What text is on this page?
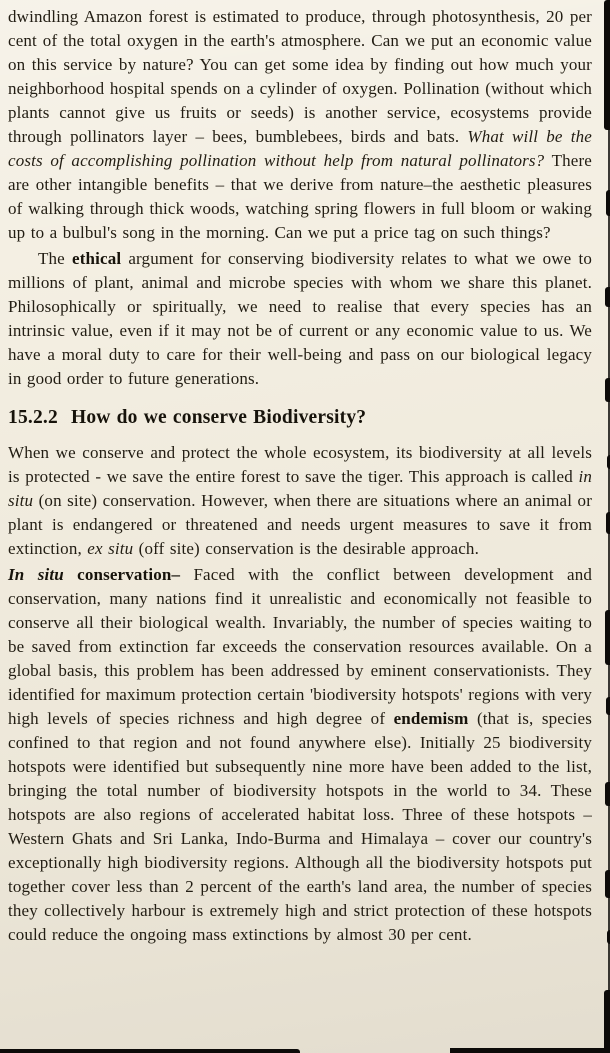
dwindling Amazon forest is estimated to produce, through photosynthesis, 20 per cent of the total oxygen in the earth's atmosphere. Can we put an economic value on this service by nature? You can get some idea by finding out how much your neighborhood hospital spends on a cylinder of oxygen. Pollination (without which plants cannot give us fruits or seeds) is another service, ecosystems provide through pollinators layer – bees, bumblebees, birds and bats. What will be the costs of accomplishing pollination without help from natural pollinators? There are other intangible benefits – that we derive from nature–the aesthetic pleasures of walking through thick woods, watching spring flowers in full bloom or waking up to a bulbul's song in the morning. Can we put a price tag on such things?

The ethical argument for conserving biodiversity relates to what we owe to millions of plant, animal and microbe species with whom we share this planet. Philosophically or spiritually, we need to realise that every species has an intrinsic value, even if it may not be of current or any economic value to us. We have a moral duty to care for their well-being and pass on our biological legacy in good order to future generations.

15.2.2 How do we conserve Biodiversity?

When we conserve and protect the whole ecosystem, its biodiversity at all levels is protected - we save the entire forest to save the tiger. This approach is called in situ (on site) conservation. However, when there are situations where an animal or plant is endangered or threatened and needs urgent measures to save it from extinction, ex situ (off site) conservation is the desirable approach.

In situ conservation– Faced with the conflict between development and conservation, many nations find it unrealistic and economically not feasible to conserve all their biological wealth. Invariably, the number of species waiting to be saved from extinction far exceeds the conservation resources available. On a global basis, this problem has been addressed by eminent conservationists. They identified for maximum protection certain 'biodiversity hotspots' regions with very high levels of species richness and high degree of endemism (that is, species confined to that region and not found anywhere else). Initially 25 biodiversity hotspots were identified but subsequently nine more have been added to the list, bringing the total number of biodiversity hotspots in the world to 34. These hotspots are also regions of accelerated habitat loss. Three of these hotspots – Western Ghats and Sri Lanka, Indo-Burma and Himalaya – cover our country's exceptionally high biodiversity regions. Although all the biodiversity hotspots put together cover less than 2 percent of the earth's land area, the number of species they collectively harbour is extremely high and strict protection of these hotspots could reduce the ongoing mass extinctions by almost 30 per cent.
